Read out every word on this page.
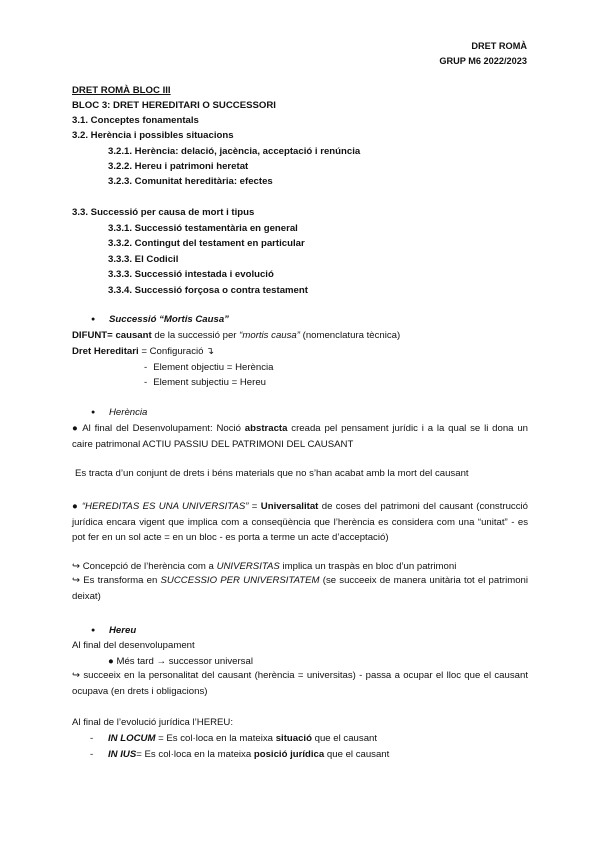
DRET ROMÀ
GRUP M6 2022/2023
DRET ROMÀ BLOC III
BLOC 3: DRET HEREDITARI O SUCCESSORI
3.1. Conceptes fonamentals
3.2. Herència i possibles situacions
3.2.1. Herència: delació, jacència, acceptació i renúncia
3.2.2. Hereu i patrimoni heretat
3.2.3. Comunitat hereditària: efectes
3.3. Successió per causa de mort i tipus
3.3.1. Successió testamentària en general
3.3.2. Contingut del testament en particular
3.3.3. El Codicil
3.3.3. Successió intestada i evolució
3.3.4. Successió forçosa o contra testament
● Successió “Mortis Causa”
DIFUNT= causant de la successió per “mortis causa” (nomenclatura tècnica)
Dret Hereditari = Configuració ↴
- Element objectiu = Herència
- Element subjectiu = Hereu
● Herència
● Al final del Desenvolupament: Noció abstracta creada pel pensament jurídic i a la qual se li dona un caire patrimonal ACTIU PASSIU DEL PATRIMONI DEL CAUSANT
Es tracta d’un conjunt de drets i béns materials que no s’han acabat amb la mort del causant
● “HEREDITAS ES UNA UNIVERSITAS” = Universalitat de coses del patrimoni del causant (construcció jurídica encara vigent que implica com a conseqüència que l’herència es considera com una “unitat” - es pot fer en un sol acte = en un bloc - es porta a terme un acte d’acceptació)
↪ Concepció de l’herència com a UNIVERSITAS implica un traspàs en bloc d’un patrimoni
↪ Es transforma en SUCCESSIO PER UNIVERSITATEM (se succeeix de manera unitària tot el patrimoni deixat)
● Hereu
Al final del desenvolupament
● Més tard → successor universal
↪ succeeix en la personalitat del causant (herència = universitas) - passa a ocupar el lloc que el causant ocupava (en drets i obligacions)
Al final de l’evolució jurídica l’HEREU:
- IN LOCUM = Es col·loca en la mateixa situació que el causant
- IN IUS= Es col·loca en la mateixa posició jurídica que el causant
